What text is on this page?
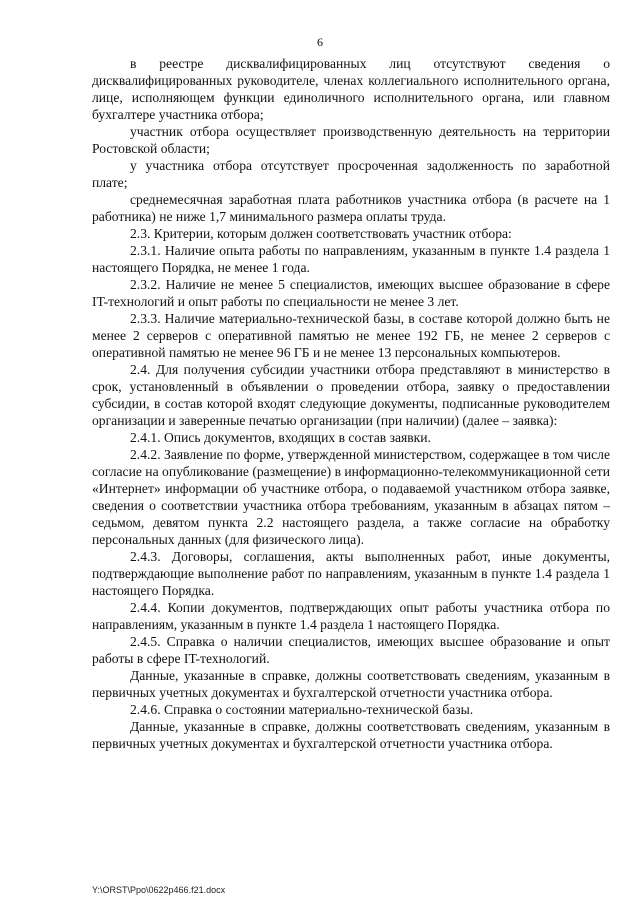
6

в реестре дисквалифицированных лиц отсутствуют сведения о дисквалифицированных руководителе, членах коллегиального исполнительного органа, лице, исполняющем функции единоличного исполнительного органа, или главном бухгалтере участника отбора;

участник отбора осуществляет производственную деятельность на территории Ростовской области;

у участника отбора отсутствует просроченная задолженность по заработной плате;

среднемесячная заработная плата работников участника отбора (в расчете на 1 работника) не ниже 1,7 минимального размера оплаты труда.

2.3. Критерии, которым должен соответствовать участник отбора:

2.3.1. Наличие опыта работы по направлениям, указанным в пункте 1.4 раздела 1 настоящего Порядка, не менее 1 года.

2.3.2. Наличие не менее 5 специалистов, имеющих высшее образование в сфере IT-технологий и опыт работы по специальности не менее 3 лет.

2.3.3. Наличие материально-технической базы, в составе которой должно быть не менее 2 серверов с оперативной памятью не менее 192 ГБ, не менее 2 серверов с оперативной памятью не менее 96 ГБ и не менее 13 персональных компьютеров.

2.4. Для получения субсидии участники отбора представляют в министерство в срок, установленный в объявлении о проведении отбора, заявку о предоставлении субсидии, в состав которой входят следующие документы, подписанные руководителем организации и заверенные печатью организации (при наличии) (далее – заявка):

2.4.1. Опись документов, входящих в состав заявки.

2.4.2. Заявление по форме, утвержденной министерством, содержащее в том числе согласие на опубликование (размещение) в информационно-телекоммуникационной сети «Интернет» информации об участнике отбора, о подаваемой участником отбора заявке, сведения о соответствии участника отбора требованиям, указанным в абзацах пятом – седьмом, девятом пункта 2.2 настоящего раздела, а также согласие на обработку персональных данных (для физического лица).

2.4.3. Договоры, соглашения, акты выполненных работ, иные документы, подтверждающие выполнение работ по направлениям, указанным в пункте 1.4 раздела 1 настоящего Порядка.

2.4.4. Копии документов, подтверждающих опыт работы участника отбора по направлениям, указанным в пункте 1.4 раздела 1 настоящего Порядка.

2.4.5. Справка о наличии специалистов, имеющих высшее образование и опыт работы в сфере IT-технологий.

Данные, указанные в справке, должны соответствовать сведениям, указанным в первичных учетных документах и бухгалтерской отчетности участника отбора.

2.4.6. Справка о состоянии материально-технической базы.

Данные, указанные в справке, должны соответствовать сведениям, указанным в первичных учетных документах и бухгалтерской отчетности участника отбора.

Y:\ORST\Ppo\0622p466.f21.docx
